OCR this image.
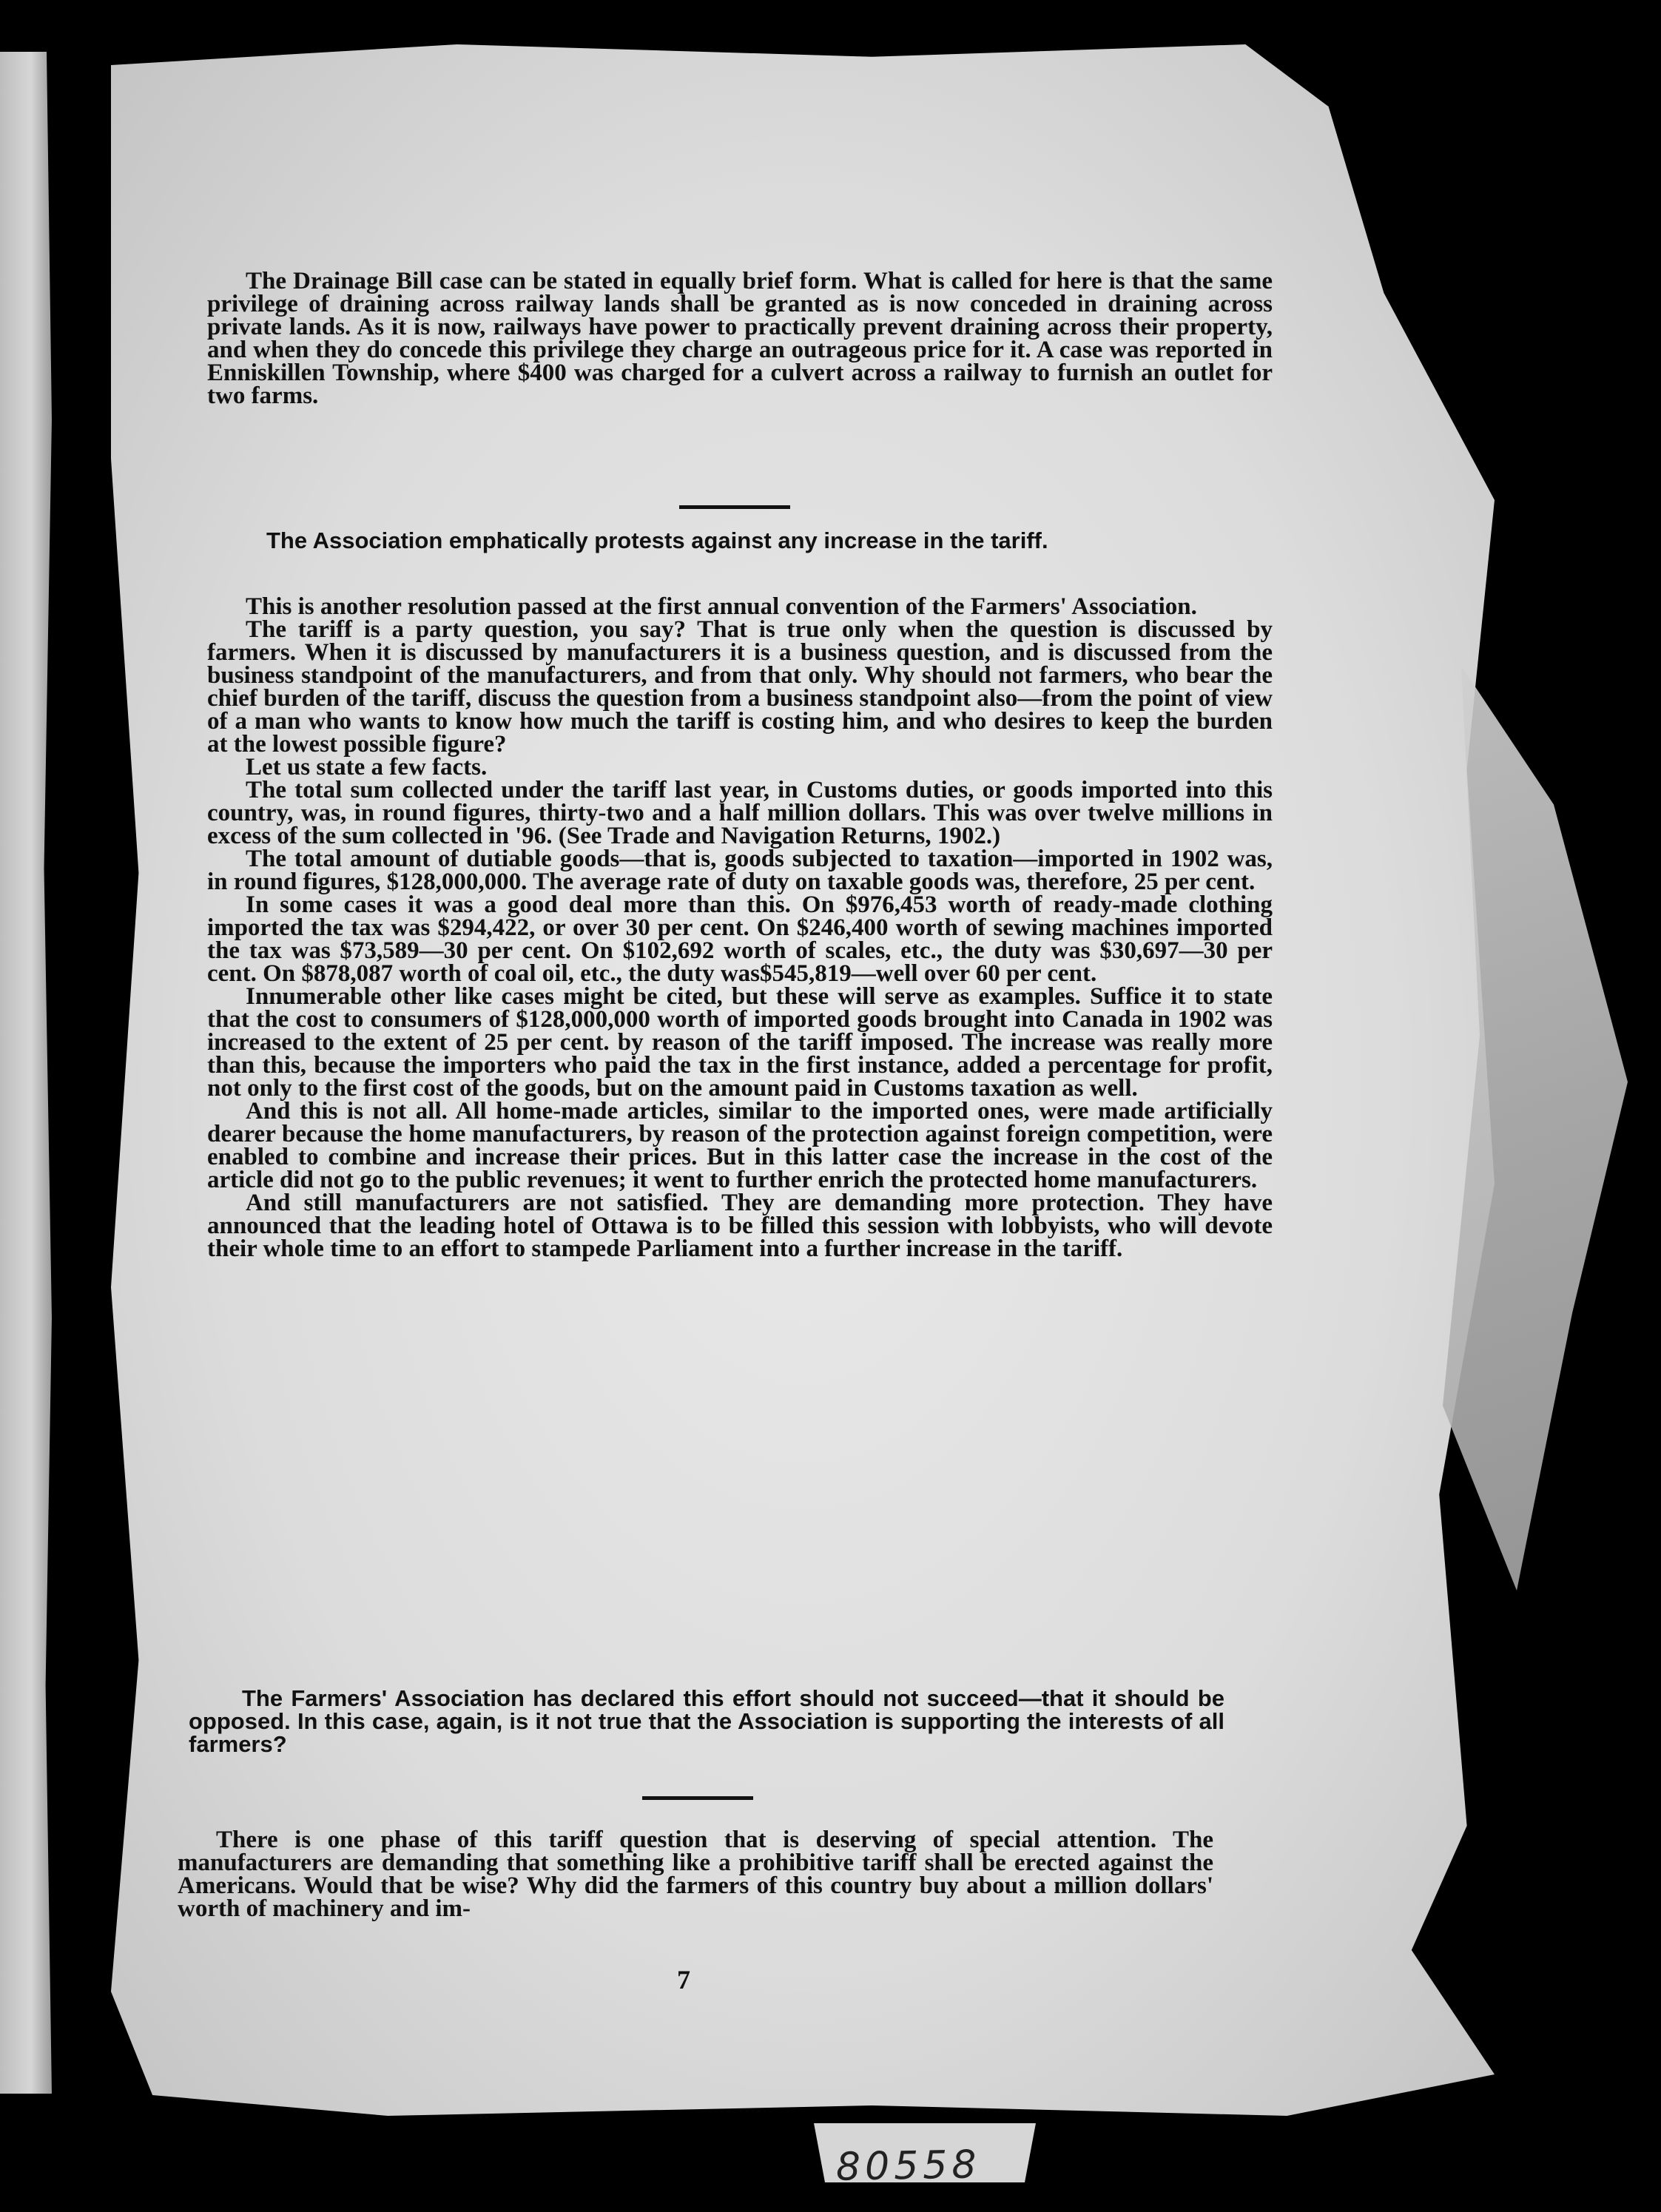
The Drainage Bill case can be stated in equally brief form. What is called for here is that the same privilege of draining across railway lands shall be granted as is now conceded in draining across private lands. As it is now, railways have power to practically prevent draining across their property, and when they do concede this privilege they charge an outrageous price for it. A case was reported in Enniskillen Township, where $400 was charged for a culvert across a railway to furnish an outlet for two farms.

The Association emphatically protests against any increase in the tariff.

This is another resolution passed at the first annual convention of the Farmers' Association.

The tariff is a party question, you say? That is true only when the question is discussed by farmers. When it is discussed by manufacturers it is a business question, and is discussed from the business standpoint of the manufacturers, and from that only. Why should not farmers, who bear the chief burden of the tariff, discuss the question from a business standpoint also—from the point of view of a man who wants to know how much the tariff is costing him, and who desires to keep the burden at the lowest possible figure?

Let us state a few facts.

The total sum collected under the tariff last year, in Customs duties, or goods imported into this country, was, in round figures, thirty-two and a half million dollars. This was over twelve millions in excess of the sum collected in '96. (See Trade and Navigation Returns, 1902.)

The total amount of dutiable goods—that is, goods subjected to taxation—imported in 1902 was, in round figures, $128,000,000. The average rate of duty on taxable goods was, therefore, 25 per cent.

In some cases it was a good deal more than this. On $976,453 worth of ready-made clothing imported the tax was $294,422, or over 30 per cent. On $246,400 worth of sewing machines imported the tax was $73,589—30 per cent. On $102,692 worth of scales, etc., the duty was $30,697—30 per cent. On $878,087 worth of coal oil, etc., the duty was$545,819—well over 60 per cent.

Innumerable other like cases might be cited, but these will serve as examples. Suffice it to state that the cost to consumers of $128,000,000 worth of imported goods brought into Canada in 1902 was increased to the extent of 25 per cent. by reason of the tariff imposed. The increase was really more than this, because the importers who paid the tax in the first instance, added a percentage for profit, not only to the first cost of the goods, but on the amount paid in Customs taxation as well.

And this is not all. All home-made articles, similar to the imported ones, were made artificially dearer because the home manufacturers, by reason of the protection against foreign competition, were enabled to combine and increase their prices. But in this latter case the increase in the cost of the article did not go to the public revenues; it went to further enrich the protected home manufacturers.

And still manufacturers are not satisfied. They are demanding more protection. They have announced that the leading hotel of Ottawa is to be filled this session with lobbyists, who will devote their whole time to an effort to stampede Parliament into a further increase in the tariff.

The Farmers' Association has declared this effort should not succeed—that it should be opposed. In this case, again, is it not true that the Association is supporting the interests of all farmers?

There is one phase of this tariff question that is deserving of special attention. The manufacturers are demanding that something like a prohibitive tariff shall be erected against the Americans. Would that be wise? Why did the farmers of this country buy about a million dollars' worth of machinery and im-

7
80558
